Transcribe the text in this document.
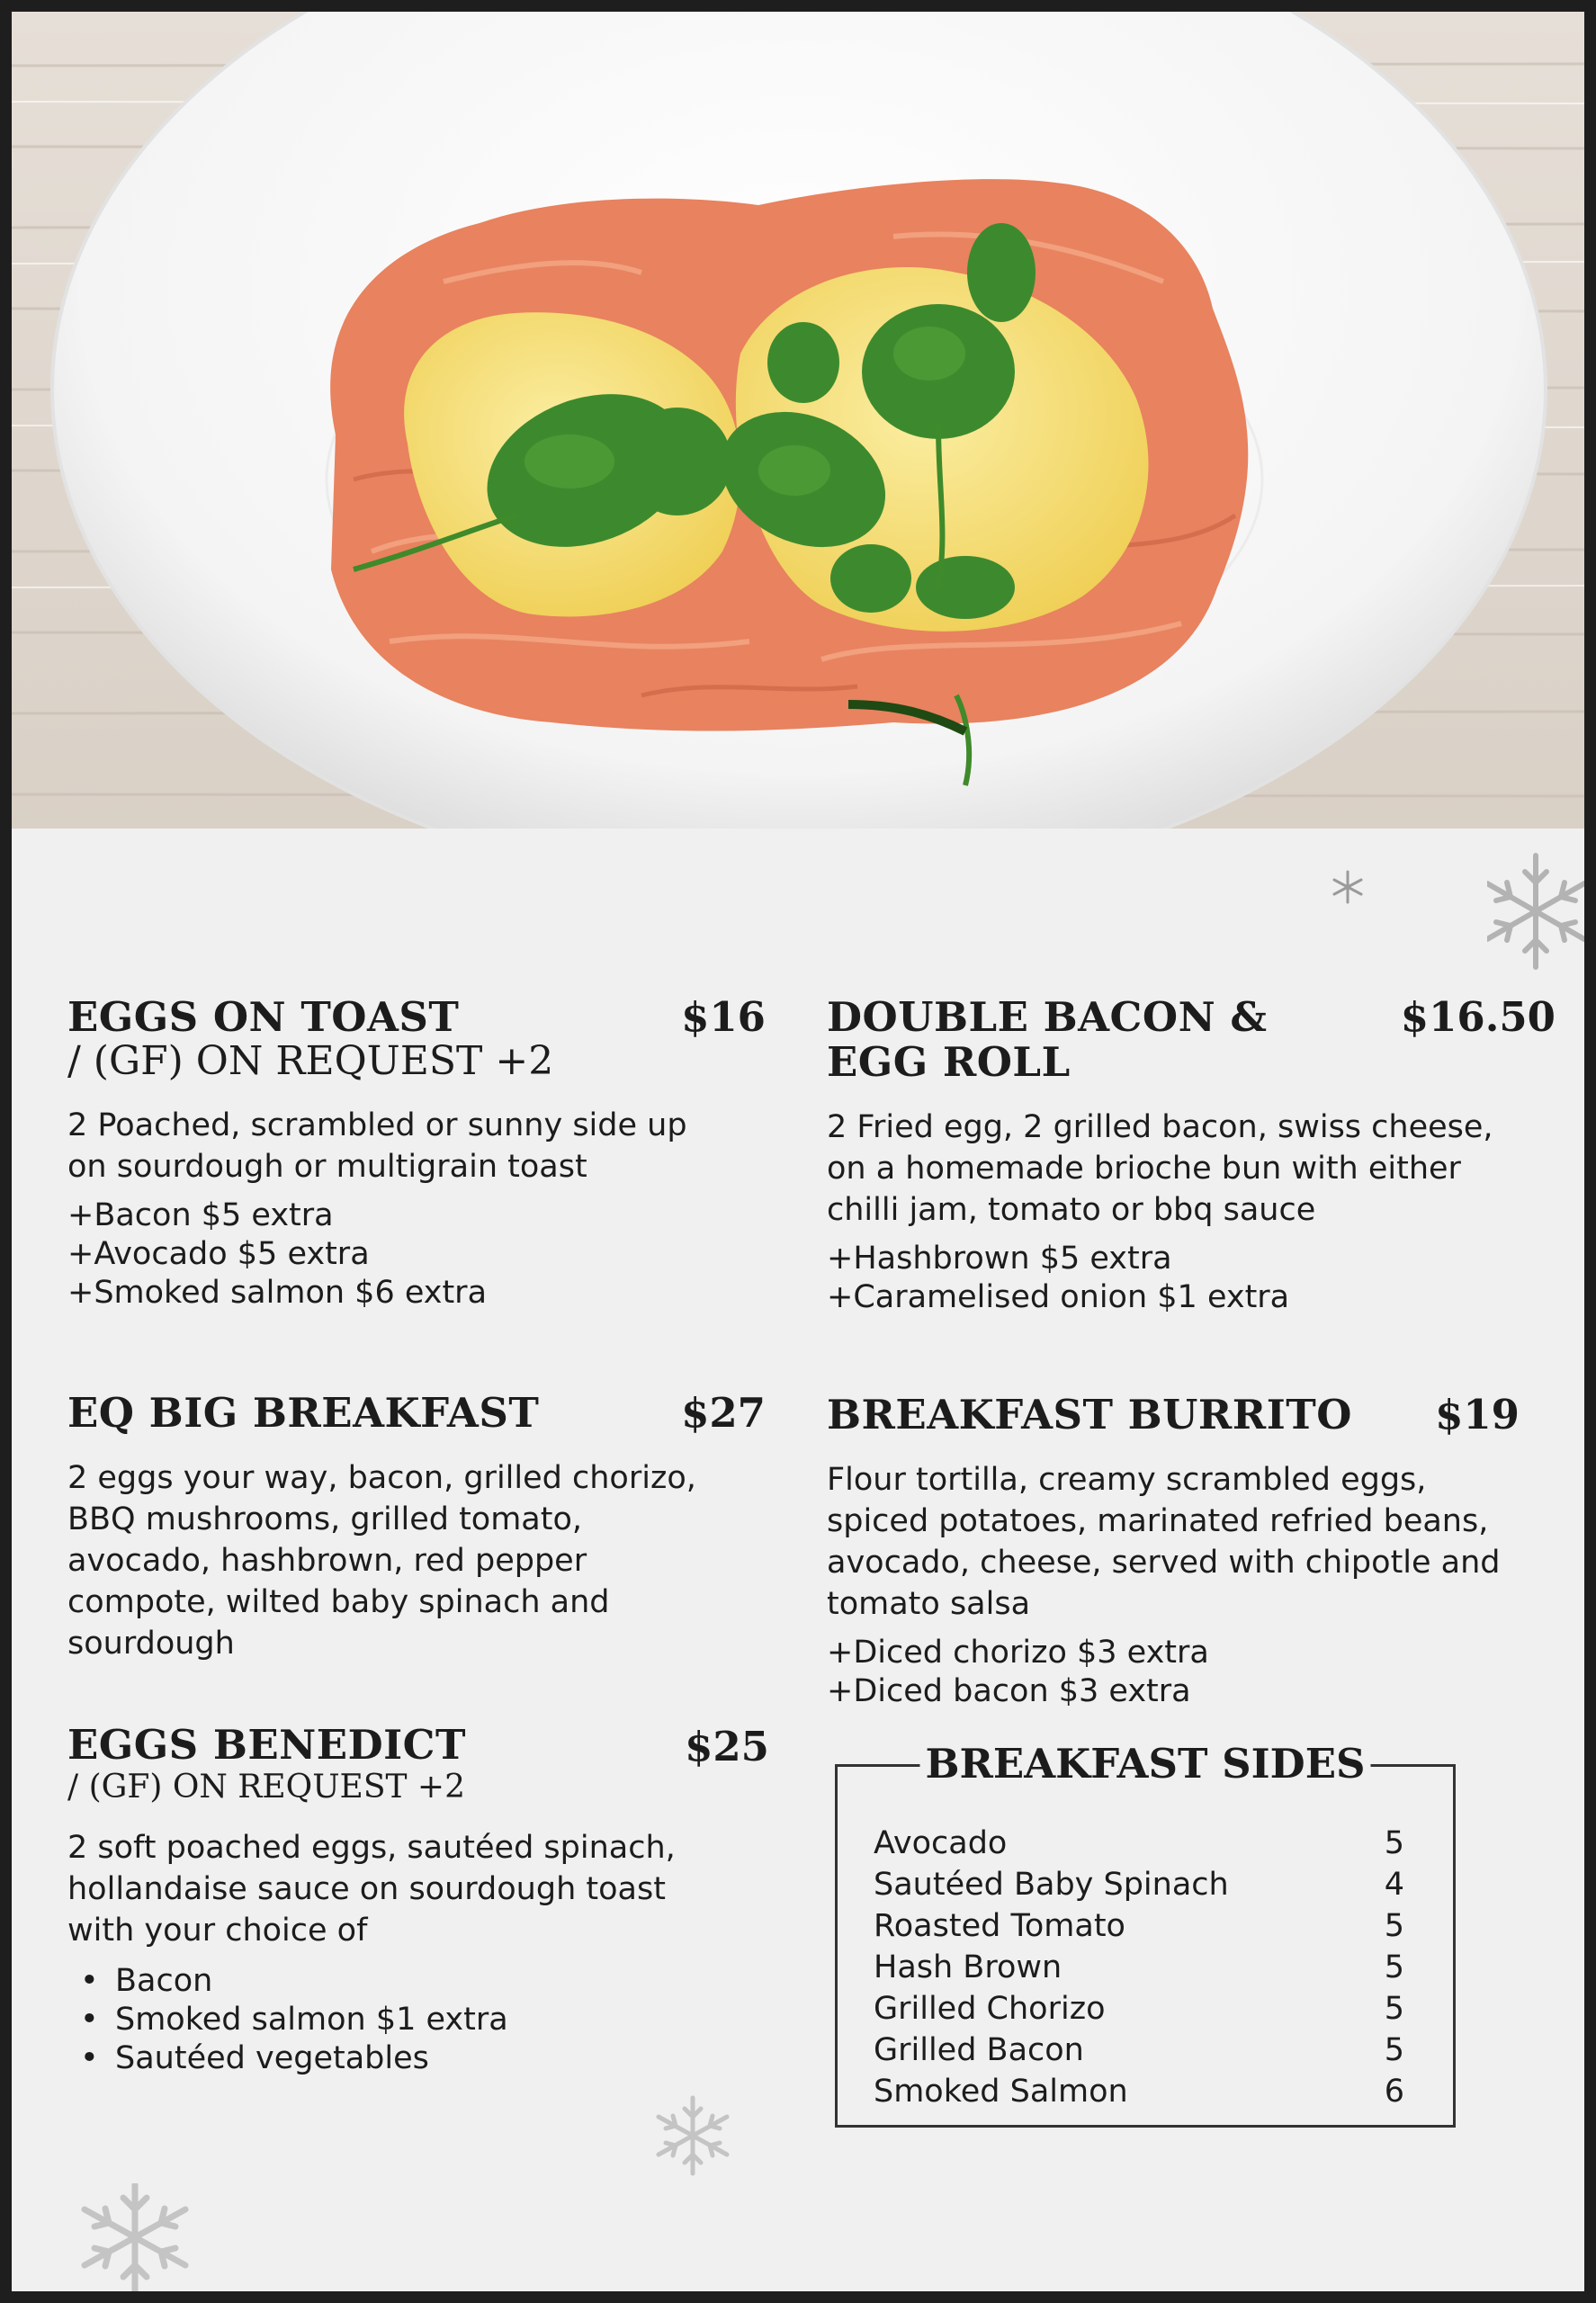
EGGS ON TOAST
/ (GF) ON REQUEST +2
$16
2 Poached, scrambled or sunny side up on sourdough or multigrain toast
+Bacon $5 extra
+Avocado $5 extra
+Smoked salmon $6 extra
DOUBLE BACON &
EGG ROLL
$16.50
2 Fried egg, 2 grilled bacon, swiss cheese, on a homemade brioche bun with either chilli jam, tomato or bbq sauce
+Hashbrown $5 extra
+Caramelised onion $1 extra
EQ BIG BREAKFAST	$27
2 eggs your way, bacon, grilled chorizo, BBQ mushrooms, grilled tomato, avocado, hashbrown, red pepper compote, wilted baby spinach and sourdough
BREAKFAST BURRITO	$19
Flour tortilla, creamy scrambled eggs, spiced potatoes, marinated refried beans, avocado, cheese, served with chipotle and tomato salsa
+Diced chorizo $3 extra
+Diced bacon $3 extra
EGGS BENEDICT
/ (GF) ON REQUEST +2
$25
2 soft poached eggs, sautéed spinach, hollandaise sauce on sourdough toast with your choice of
• Bacon
• Smoked salmon $1 extra
• Sautéed vegetables
BREAKFAST SIDES
Avocado	5
Sautéed Baby Spinach	4
Roasted Tomato	5
Hash Brown	5
Grilled Chorizo	5
Grilled Bacon	5
Smoked Salmon	6
